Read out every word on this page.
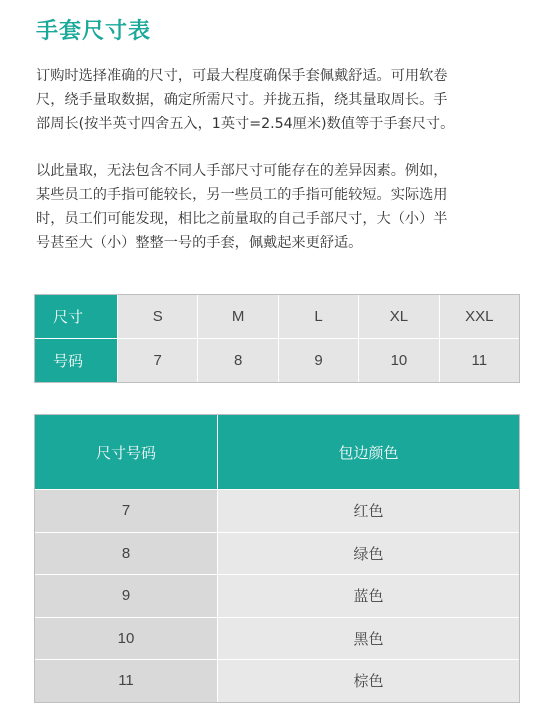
手套尺寸表
订购时选择准确的尺寸，可最大程度确保手套佩戴舒适。可用软卷
尺，绕手量取数据，确定所需尺寸。并拢五指，绕其量取周长。手
部周长(按半英寸四舍五入，1英寸=2.54厘米)数值等于手套尺寸。
以此量取，无法包含不同人手部尺寸可能存在的差异因素。例如，
某些员工的手指可能较长，另一些员工的手指可能较短。实际选用
时，员工们可能发现，相比之前量取的自己手部尺寸，大（小）半
号甚至大（小）整整一号的手套，佩戴起来更舒适。
尺寸	S	M	L	XL	XXL
号码	7	8	9	10	11
尺寸号码	包边颜色
7	红色
8	绿色
9	蓝色
10	黑色
11	棕色
